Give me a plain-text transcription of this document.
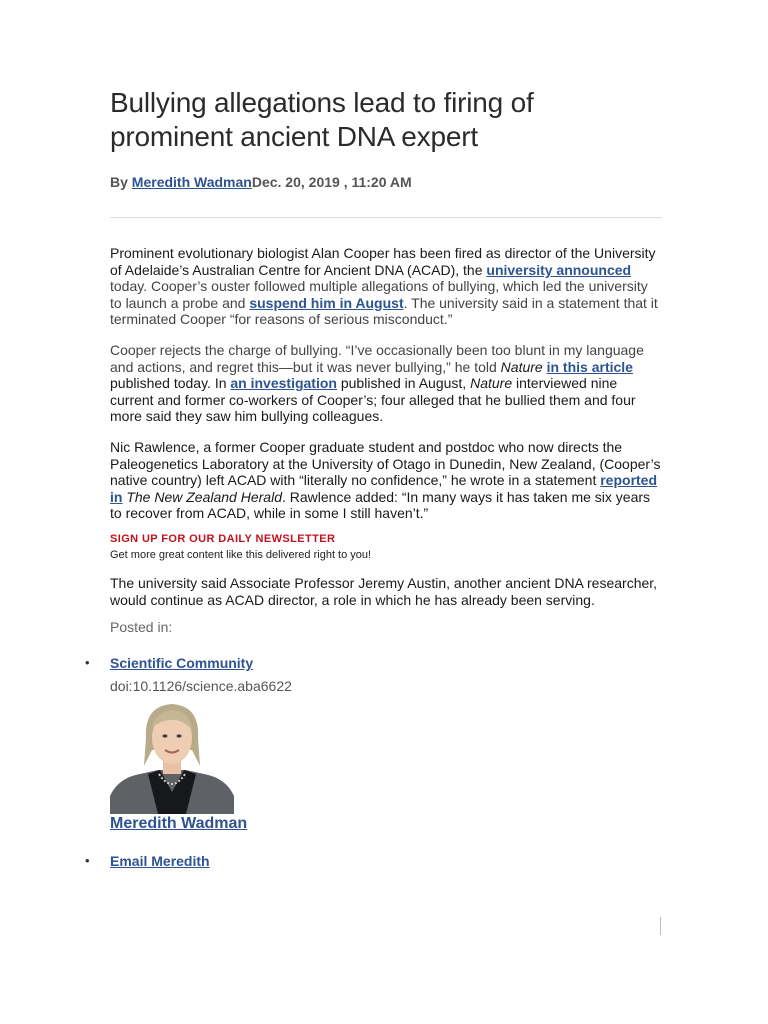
Bullying allegations lead to firing of prominent ancient DNA expert
By Meredith WadmanDec. 20, 2019 , 11:20 AM

Prominent evolutionary biologist Alan Cooper has been fired as director of the University of Adelaide’s Australian Centre for Ancient DNA (ACAD), the university announced today. Cooper’s ouster followed multiple allegations of bullying, which led the university to launch a probe and suspend him in August. The university said in a statement that it terminated Cooper “for reasons of serious misconduct.”

Cooper rejects the charge of bullying. “I’ve occasionally been too blunt in my language and actions, and regret this—but it was never bullying,” he told Nature in this article published today. In an investigation published in August, Nature interviewed nine current and former co-workers of Cooper’s; four alleged that he bullied them and four more said they saw him bullying colleagues.

Nic Rawlence, a former Cooper graduate student and postdoc who now directs the Paleogenetics Laboratory at the University of Otago in Dunedin, New Zealand, (Cooper’s native country) left ACAD with “literally no confidence,” he wrote in a statement reported in The New Zealand Herald. Rawlence added: “In many ways it has taken me six years to recover from ACAD, while in some I still haven’t.”

SIGN UP FOR OUR DAILY NEWSLETTER
Get more great content like this delivered right to you!

The university said Associate Professor Jeremy Austin, another ancient DNA researcher, would continue as ACAD director, a role in which he has already been serving.

Posted in:
• Scientific Community
doi:10.1126/science.aba6622
Meredith Wadman
• Email Meredith
